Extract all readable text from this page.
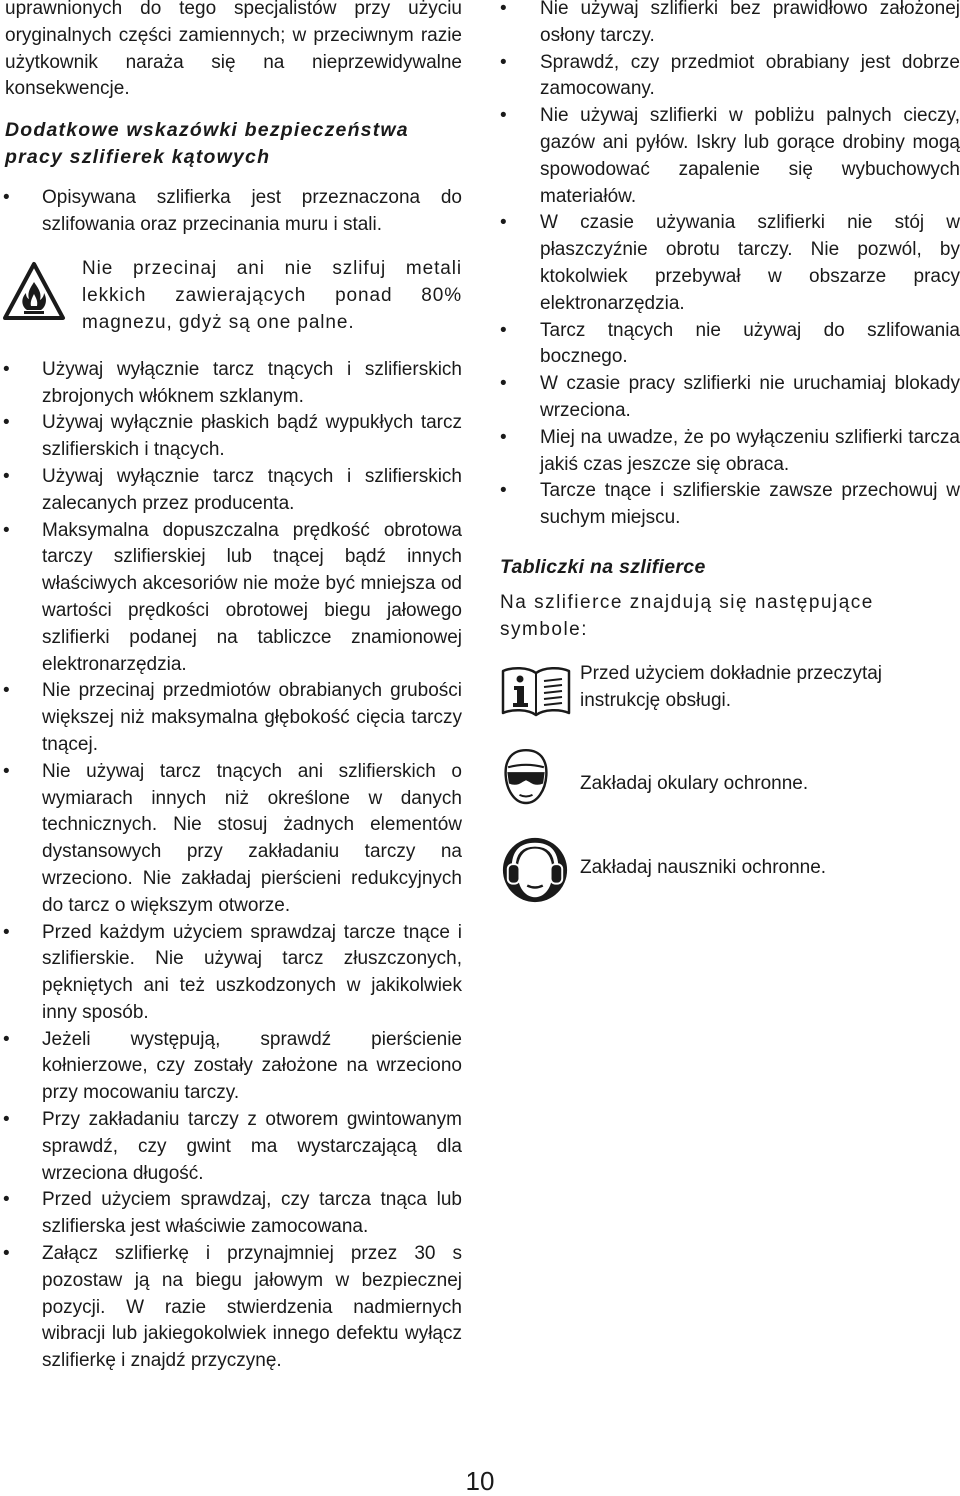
uprawnionych do tego specjalistów przy użyciu oryginalnych części zamiennych; w przeciwnym razie użytkownik naraża się na nieprzewidywalne konsekwencje.

Dodatkowe wskazówki bezpieczeństwa pracy szlifierek kątowych

• Opisywana szlifierka jest przeznaczona do szlifowania oraz przecinania muru i stali.

Nie przecinaj ani nie szlifuj metali lekkich zawierających ponad 80% magnezu, gdyż są one palne.

• Używaj wyłącznie tarcz tnących i szlifierskich zbrojonych włóknem szklanym.
• Używaj wyłącznie płaskich bądź wypukłych tarcz szlifierskich i tnących.
• Używaj wyłącznie tarcz tnących i szlifierskich zalecanych przez producenta.
• Maksymalna dopuszczalna prędkość obrotowa tarczy szlifierskiej lub tnącej bądź innych właściwych akcesoriów nie może być mniejsza od wartości prędkości obrotowej biegu jałowego szlifierki podanej na tabliczce znamionowej elektronarzędzia.
• Nie przecinaj przedmiotów obrabianych grubości większej niż maksymalna głębokość cięcia tarczy tnącej.
• Nie używaj tarcz tnących ani szlifierskich o wymiarach innych niż określone w danych technicznych. Nie stosuj żadnych elementów dystansowych przy zakładaniu tarczy na wrzeciono. Nie zakładaj pierścieni redukcyjnych do tarcz o większym otworze.
• Przed każdym użyciem sprawdzaj tarcze tnące i szlifierskie. Nie używaj tarcz złuszczonych, pękniętych ani też uszkodzonych w jakikolwiek inny sposób.
• Jeżeli występują, sprawdź pierścienie kołnierzowe, czy zostały założone na wrzeciono przy mocowaniu tarczy.
• Przy zakładaniu tarczy z otworem gwintowanym sprawdź, czy gwint ma wystarczającą dla wrzeciona długość.
• Przed użyciem sprawdzaj, czy tarcza tnąca lub szlifierska jest właściwie zamocowana.
• Załącz szlifierkę i przynajmniej przez 30 s pozostaw ją na biegu jałowym w bezpiecznej pozycji. W razie stwierdzenia nadmiernych wibracji lub jakiegokolwiek innego defektu wyłącz szlifierkę i znajdź przyczynę.
• Nie używaj szlifierki bez prawidłowo założonej osłony tarczy.
• Sprawdź, czy przedmiot obrabiany jest dobrze zamocowany.
• Nie używaj szlifierki w pobliżu palnych cieczy, gazów ani pyłów. Iskry lub gorące drobiny mogą spowodować zapalenie się wybuchowych materiałów.
• W czasie używania szlifierki nie stój w płaszczyźnie obrotu tarczy. Nie pozwól, by ktokolwiek przebywał w obszarze pracy elektronarzędzia.
• Tarcz tnących nie używaj do szlifowania bocznego.
• W czasie pracy szlifierki nie uruchamiaj blokady wrzeciona.
• Miej na uwadze, że po wyłączeniu szlifierki tarcza jakiś czas jeszcze się obraca.
• Tarcze tnące i szlifierskie zawsze przechowuj w suchym miejscu.

Tabliczki na szlifierce

Na szlifierce znajdują się następujące symbole:

Przed użyciem dokładnie przeczytaj instrukcję obsługi.

Zakładaj okulary ochronne.

Zakładaj nauszniki ochronne.

10
